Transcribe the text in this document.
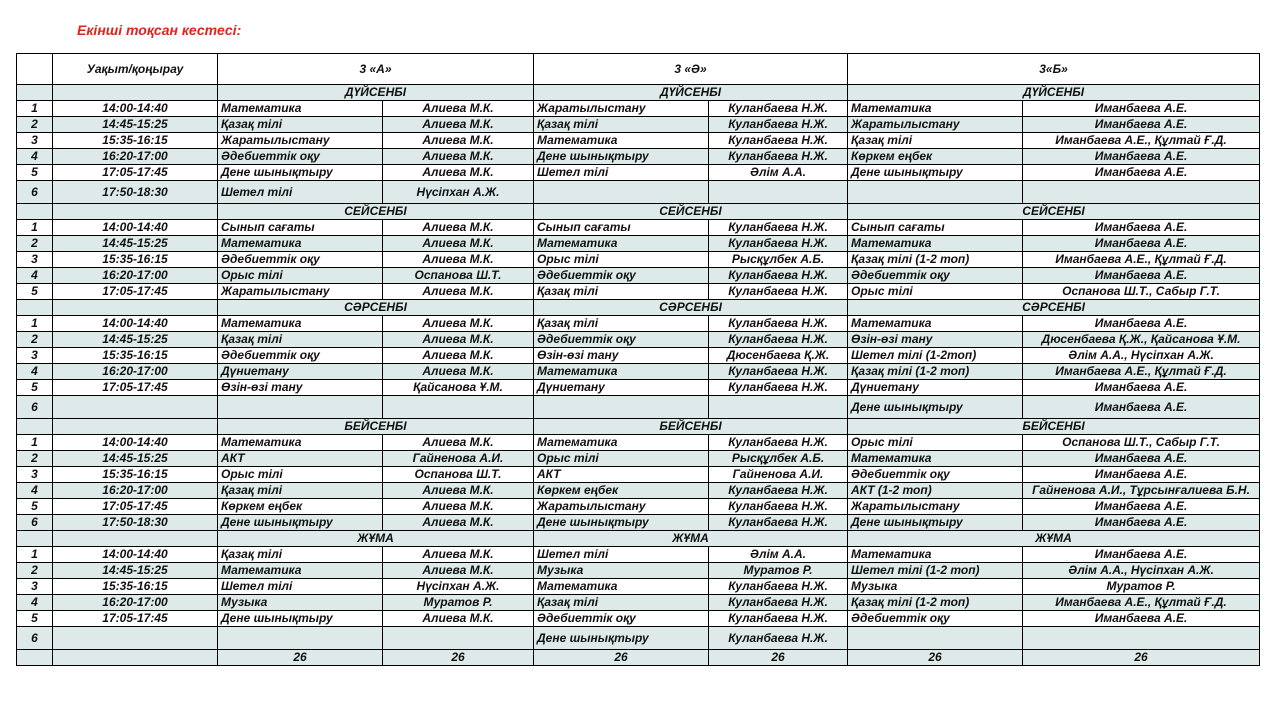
Екінші тоқсан кестесі:
	Уақыт/қоңырау	3 «А»		3 «Ә»		3«Б»	
		ДҮЙСЕНБІ		ДҮЙСЕНБІ		ДҮЙСЕНБІ	
1	14:00-14:40	Математика	Алиева М.К.	Жаратылыстану	Куланбаева Н.Ж.	Математика	Иманбаева А.Е.
2	14:45-15:25	Қазақ тілі	Алиева М.К.	Қазақ тілі	Куланбаева Н.Ж.	Жаратылыстану	Иманбаева А.Е.
3	15:35-16:15	Жаратылыстану	Алиева М.К.	Математика	Куланбаева Н.Ж.	Қазақ тілі	Иманбаева А.Е., Құлтай Ғ.Д.
4	16:20-17:00	Әдебиеттік оқу	Алиева М.К.	Дене шынықтыру	Куланбаева Н.Ж.	Көркем еңбек	Иманбаева А.Е.
5	17:05-17:45	Дене шынықтыру	Алиева М.К.	Шетел тілі	Әлім А.А.	Дене шынықтыру	Иманбаева А.Е.
6	17:50-18:30	Шетел тілі	Нүсіпхан А.Ж.				
		СЕЙСЕНБІ		СЕЙСЕНБІ		СЕЙСЕНБІ	
1	14:00-14:40	Сынып сағаты	Алиева М.К.	Сынып сағаты	Куланбаева Н.Ж.	Сынып сағаты	Иманбаева А.Е.
2	14:45-15:25	Математика	Алиева М.К.	Математика	Куланбаева Н.Ж.	Математика	Иманбаева А.Е.
3	15:35-16:15	Әдебиеттік оқу	Алиева М.К.	Орыс тілі	Рысқұлбек А.Б.	Қазақ тілі (1-2 топ)	Иманбаева А.Е., Құлтай Ғ.Д.
4	16:20-17:00	Орыс тілі	Оспанова Ш.Т.	Әдебиеттік оқу	Куланбаева Н.Ж.	Әдебиеттік оқу	Иманбаева А.Е.
5	17:05-17:45	Жаратылыстану	Алиева М.К.	Қазақ тілі	Куланбаева Н.Ж.	Орыс тілі	Оспанова Ш.Т., Сабыр Г.Т.
		СӘРСЕНБІ		СӘРСЕНБІ		СӘРСЕНБІ	
1	14:00-14:40	Математика	Алиева М.К.	Қазақ тілі	Куланбаева Н.Ж.	Математика	Иманбаева А.Е.
2	14:45-15:25	Қазақ тілі	Алиева М.К.	Әдебиеттік оқу	Куланбаева Н.Ж.	Өзін-өзі тану	Дюсенбаева Қ.Ж., Қайсанова Ұ.М.
3	15:35-16:15	Әдебиеттік оқу	Алиева М.К.	Өзін-өзі тану	Дюсенбаева Қ.Ж.	Шетел тілі (1-2топ)	Әлім А.А., Нүсіпхан А.Ж.
4	16:20-17:00	Дүниетану	Алиева М.К.	Математика	Куланбаева Н.Ж.	Қазақ тілі (1-2 топ)	Иманбаева А.Е., Құлтай Ғ.Д.
5	17:05-17:45	Өзін-өзі тану	Қайсанова Ұ.М.	Дүниетану	Куланбаева Н.Ж.	Дүниетану	Иманбаева А.Е.
6						Дене шынықтыру	Иманбаева А.Е.
		БЕЙСЕНБІ		БЕЙСЕНБІ		БЕЙСЕНБІ	
1	14:00-14:40	Математика	Алиева М.К.	Математика	Куланбаева Н.Ж.	Орыс тілі	Оспанова Ш.Т., Сабыр Г.Т.
2	14:45-15:25	АКТ	Гайненова А.И.	Орыс тілі	Рысқұлбек А.Б.	Математика	Иманбаева А.Е.
3	15:35-16:15	Орыс тілі	Оспанова Ш.Т.	АКТ	Гайненова А.И.	Әдебиеттік оқу	Иманбаева А.Е.
4	16:20-17:00	Қазақ тілі	Алиева М.К.	Көркем еңбек	Куланбаева Н.Ж.	АКТ (1-2 топ)	Гайненова А.И., Тұрсынғалиева Б.Н.
5	17:05-17:45	Көркем еңбек	Алиева М.К.	Жаратылыстану	Куланбаева Н.Ж.	Жаратылыстану	Иманбаева А.Е.
6	17:50-18:30	Дене шынықтыру	Алиева М.К.	Дене шынықтыру	Куланбаева Н.Ж.	Дене шынықтыру	Иманбаева А.Е.
		ЖҰМА		ЖҰМА		ЖҰМА	
1	14:00-14:40	Қазақ тілі	Алиева М.К.	Шетел тілі	Әлім А.А.	Математика	Иманбаева А.Е.
2	14:45-15:25	Математика	Алиева М.К.	Музыка	Муратов Р.	Шетел тілі (1-2 топ)	Әлім А.А., Нүсіпхан А.Ж.
3	15:35-16:15	Шетел тілі	Нүсіпхан А.Ж.	Математика	Куланбаева Н.Ж.	Музыка	Муратов Р.
4	16:20-17:00	Музыка	Муратов Р.	Қазақ тілі	Куланбаева Н.Ж.	Қазақ тілі (1-2 топ)	Иманбаева А.Е., Құлтай Ғ.Д.
5	17:05-17:45	Дене шынықтыру	Алиева М.К.	Әдебиеттік оқу	Куланбаева Н.Ж.	Әдебиеттік оқу	Иманбаева А.Е.
6				Дене шынықтыру	Куланбаева Н.Ж.		
		26	26	26	26	26	26
